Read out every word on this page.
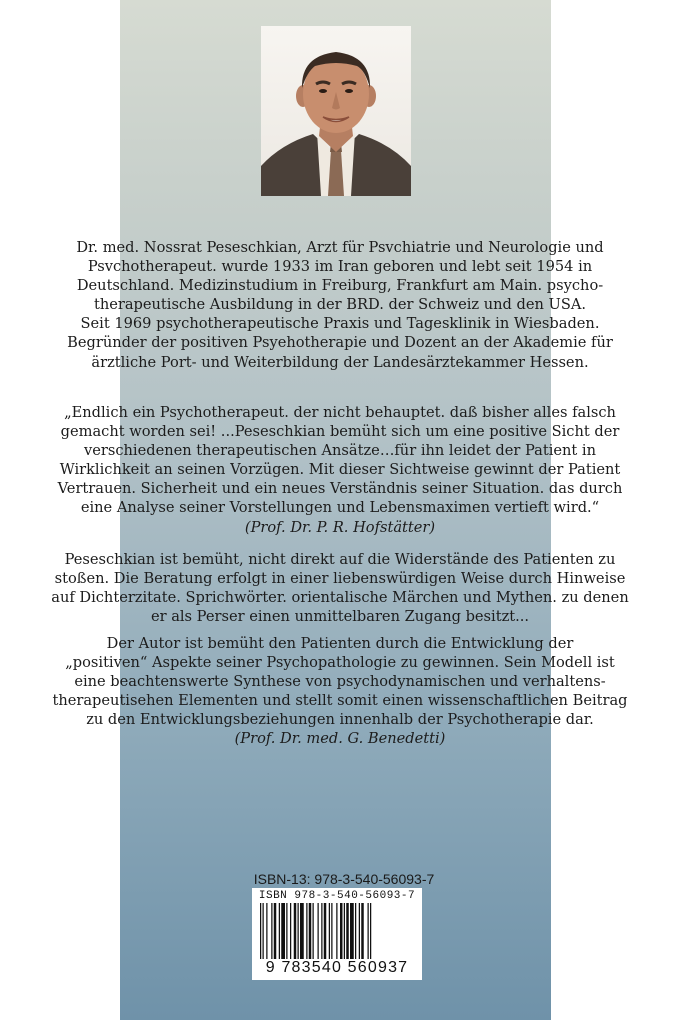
Dr. med. Nossrat Peseschkian, Arzt für Psvchiatrie und Neurologie und
Psvchotherapeut. wurde 1933 im Iran geboren und lebt seit 1954 in
Deutschland. Medizinstudium in Freiburg, Frankfurt am Main. psycho-
therapeutische Ausbildung in der BRD. der Schweiz und den USA.
Seit 1969 psychotherapeutische Praxis und Tagesklinik in Wiesbaden.
Begründer der positiven Psyehotherapie und Dozent an der Akademie für
ärztliche Port- und Weiterbildung der Landesärztekammer Hessen.
„Endlich ein Psychotherapeut. der nicht behauptet. daß bisher alles falsch
gemacht worden sei! ...Peseschkian bemüht sich um eine positive Sicht der
verschiedenen therapeutischen Ansätze…für ihn leidet der Patient in
Wirklichkeit an seinen Vorzügen. Mit dieser Sichtweise gewinnt der Patient
Vertrauen. Sicherheit und ein neues Verständnis seiner Situation. das durch
eine Analyse seiner Vorstellungen und Lebensmaximen vertieft wird.“
(Prof. Dr. P. R. Hofstätter)
Peseschkian ist bemüht, nicht direkt auf die Widerstände des Patienten zu
stoßen. Die Beratung erfolgt in einer liebenswürdigen Weise durch Hinweise
auf Dichterzitate. Sprichwörter. orientalische Märchen und Mythen. zu denen
er als Perser einen unmittelbaren Zugang besitzt...
Der Autor ist bemüht den Patienten durch die Entwicklung der
„positiven“ Aspekte seiner Psychopathologie zu gewinnen. Sein Modell ist
eine beachtenswerte Synthese von psychodynamischen und verhaltens-
therapeutisehen Elementen und stellt somit einen wissenschaftlichen Beitrag
zu den Entwicklungsbeziehungen innenhalb der Psychotherapie dar.
(Prof. Dr. med. G. Benedetti)
ISBN-13: 978-3-540-56093-7
ISBN 978-3-540-56093-7
9 783540 560937
